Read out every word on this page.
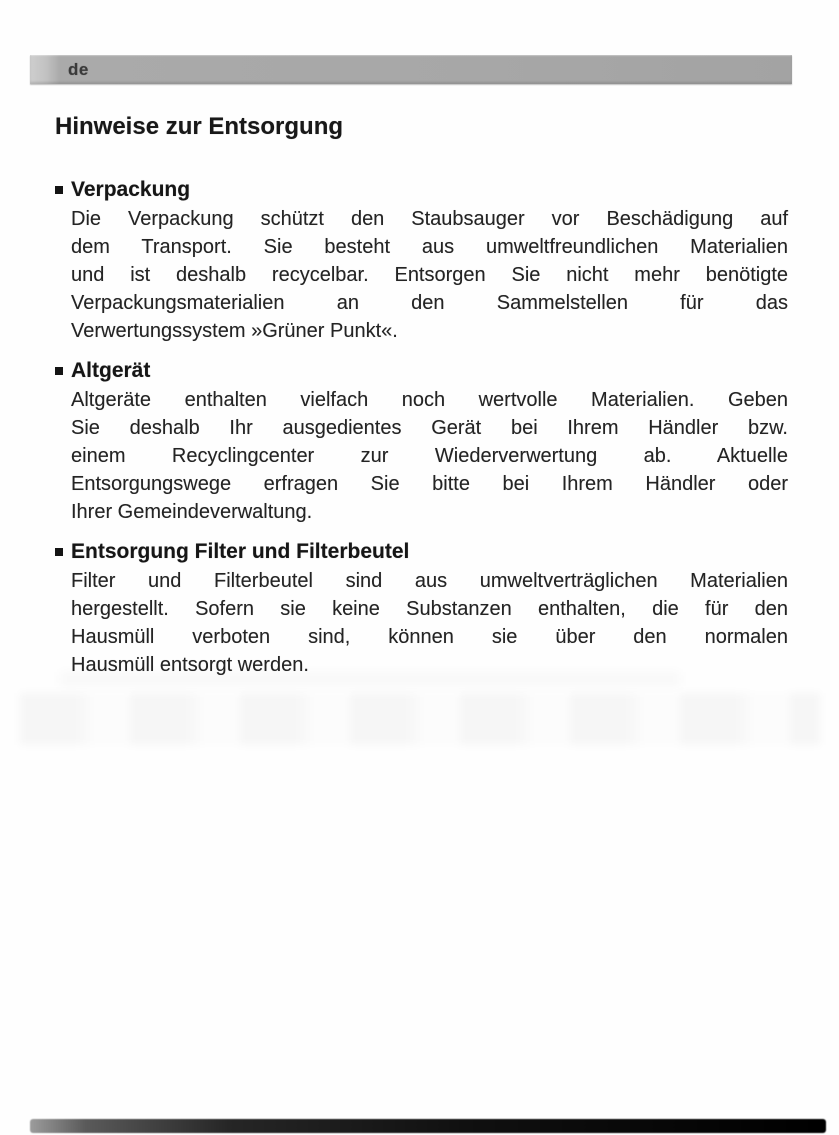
de
Hinweise zur Entsorgung
Verpackung
Die Verpackung schützt den Staubsauger vor Beschädigung auf
dem Transport. Sie besteht aus umweltfreundlichen Materialien
und ist deshalb recycelbar. Entsorgen Sie nicht mehr benötigte
Verpackungsmaterialien an den Sammelstellen für das
Verwertungssystem »Grüner Punkt«.
Altgerät
Altgeräte enthalten vielfach noch wertvolle Materialien. Geben
Sie deshalb Ihr ausgedientes Gerät bei Ihrem Händler bzw.
einem Recyclingcenter zur Wiederverwertung ab. Aktuelle
Entsorgungswege erfragen Sie bitte bei Ihrem Händler oder
Ihrer Gemeindeverwaltung.
Entsorgung Filter und Filterbeutel
Filter und Filterbeutel sind aus umweltverträglichen Materialien
hergestellt. Sofern sie keine Substanzen enthalten, die für den
Hausmüll verboten sind, können sie über den normalen
Hausmüll entsorgt werden.
